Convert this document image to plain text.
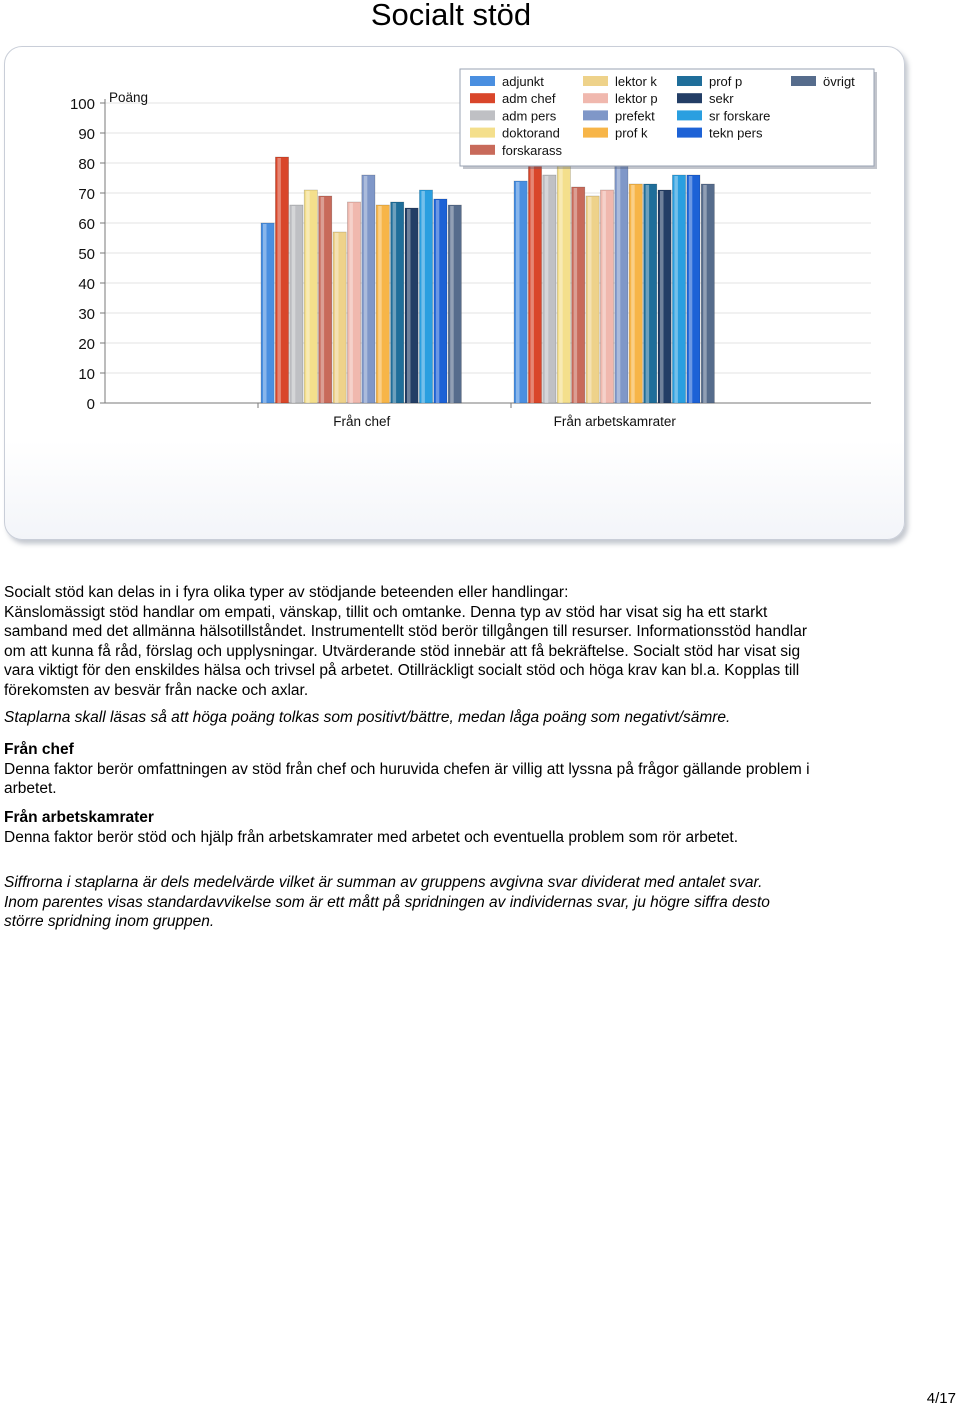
Socialt stöd
0
10
20
30
40
50
60
70
80
90
100 Poäng
Från chef	Från arbetskamrater
adjunkt
adm chef
adm pers
doktorand
forskarass
lektor k
lektor p
prefekt
prof k
prof p
sekr
sr forskare
tekn pers
övrigt

Socialt stöd kan delas in i fyra olika typer av stödjande beteenden eller handlingar:

Känslomässigt stöd handlar om empati, vänskap, tillit och omtanke. Denna typ av stöd har visat sig ha ett starkt

samband med det allmänna hälsotillståndet. Instrumentellt stöd berör tillgången till resurser. Informationsstöd handlar

om att kunna få råd, förslag och upplysningar. Utvärderande stöd innebär att få bekräftelse. Socialt stöd har visat sig

vara viktigt för den enskildes hälsa och trivsel på arbetet. Otillräckligt socialt stöd och höga krav kan bl.a. Kopplas till

förekomsten av besvär från nacke och axlar.

Staplarna skall läsas så att höga poäng tolkas som positivt/bättre, medan låga poäng som negativt/sämre.

Från chef

Denna faktor berör omfattningen av stöd från chef och huruvida chefen är villig att lyssna på frågor gällande problem i

arbetet.

Från arbetskamrater

Denna faktor berör stöd och hjälp från arbetskamrater med arbetet och eventuella problem som rör arbetet.

Siffrorna i staplarna är dels medelvärde vilket är summan av gruppens avgivna svar dividerat med antalet svar.

Inom parentes visas standardavvikelse som är ett mått på spridningen av individernas svar, ju högre siffra desto

större spridning inom gruppen.

4/17
